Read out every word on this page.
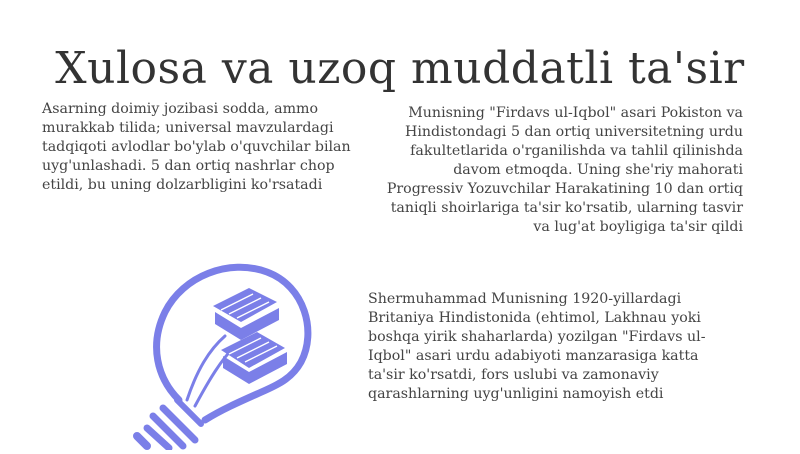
Xulosa va uzoq muddatli ta'sir

Asarning doimiy jozibasi sodda, ammo murakkab tilida; universal mavzulardagi tadqiqoti avlodlar bo'ylab o'quvchilar bilan uyg'unlashadi. 5 dan ortiq nashrlar chop etildi, bu uning dolzarbligini ko'rsatadi

Munisning "Firdavs ul-Iqbol" asari Pokiston va Hindistondagi 5 dan ortiq universitetning urdu fakultetlarida o'rganilishda va tahlil qilinishda davom etmoqda. Uning she'riy mahorati Progressiv Yozuvchilar Harakatining 10 dan ortiq taniqli shoirlariga ta'sir ko'rsatib, ularning tasvir va lug'at boyligiga ta'sir qildi

Shermuhammad Munisning 1920-yillardagi Britaniya Hindistonida (ehtimol, Lakhnau yoki boshqa yirik shaharlarda) yozilgan "Firdavs ul-Iqbol" asari urdu adabiyoti manzarasiga katta ta'sir ko'rsatdi, fors uslubi va zamonaviy qarashlarning uyg'unligini namoyish etdi
